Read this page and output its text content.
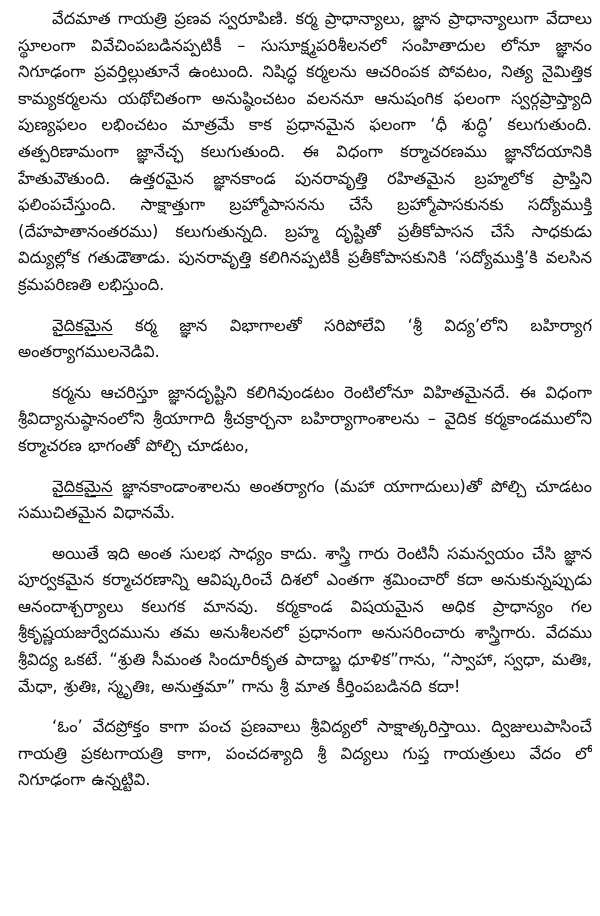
వేదమాత గాయత్రి ప్రణవ స్వరూపిణి. కర్మ ప్రాధాన్యాలు, జ్ఞాన ప్రాధాన్యాలుగా వేదాలు స్థూలంగా వివేచింపబడినప్పటికీ – సుసూక్ష్మపరిశీలనలో సంహితాదుల లోనూ జ్ఞానం నిగూఢంగా ప్రవర్తిల్లుతూనే ఉంటుంది. నిషిద్ధ కర్మలను ఆచరింపక పోవటం, నిత్య నైమిత్తిక కామ్యకర్మలను యథోచితంగా అనుష్ఠించటం వలననూ ఆనుషంగిక ఫలంగా స్వర్గప్రాప్త్యాది పుణ్యఫలం లభించటం మాత్రమే కాక ప్రధానమైన ఫలంగా ‘ధీ శుద్ధి’ కలుగుతుంది. తత్పరిణామంగా జ్ఞానేచ్ఛ కలుగుతుంది. ఈ విధంగా కర్మాచరణము జ్ఞానోదయానికి హేతువౌతుంది. ఉత్తరమైన జ్ఞానకాండ పునరావృత్తి రహితమైన బ్రహ్మలోక ప్రాప్తిని ఫలింపచేస్తుంది. సాక్షాత్తుగా బ్రహ్మోపాసనను చేసే బ్రహ్మోపాసకునకు సద్యోముక్తి (దేహపాతానంతరము) కలుగుతున్నది. బ్రహ్మ దృష్టితో ప్రతీకోపాసన చేసే సాధకుడు విద్యుల్లోక గతుడౌతాడు. పునరావృత్తి కలిగినప్పటికీ ప్రతీకోపాసకునికి ‘సద్యోముక్తి’కి వలసిన క్రమపరిణతి లభిస్తుంది.

వైదికమైన కర్మ జ్ఞాన విభాగాలతో సరిపోలేవి ‘శ్రీ విద్య’లోని బహిర్యాగ అంతర్యాగములనెడివి.

కర్మను ఆచరిస్తూ జ్ఞానదృష్టిని కలిగివుండటం రెంటిలోనూ విహితమైనదే. ఈ విధంగా శ్రీవిద్యానుష్ఠానంలోని శ్రీయాగాది శ్రీచక్రార్చనా బహిర్యాగాంశాలను – వైదిక కర్మకాండములోని కర్మాచరణ భాగంతో పోల్చి చూడటం,

వైదికమైన జ్ఞానకాండాంశాలను అంతర్యాగం (మహా యాగాదులు)తో పోల్చి చూడటం సముచితమైన విధానమే.

అయితే ఇది అంత సులభ సాధ్యం కాదు. శాస్త్రి గారు రెంటినీ సమన్వయం చేసి జ్ఞాన పూర్వకమైన కర్మాచరణాన్ని ఆవిష్కరించే దిశలో ఎంతగా శ్రమించారో కదా అనుకున్నప్పుడు ఆనందాశ్చర్యాలు కలుగక మానవు. కర్మకాండ విషయమైన అధిక ప్రాధాన్యం గల శ్రీకృష్ణయజుర్వేదమును తమ అనుశీలనలో ప్రధానంగా అనుసరించారు శాస్త్రిగారు. వేదము శ్రీవిద్య ఒకటే. “శ్రుతి సీమంత సిందూరీకృత పాదాబ్జ ధూళిక”గాను, “స్వాహా, స్వధా, మతిః, మేధా, శ్రుతిః, స్మృతిః, అనుత్తమా” గాను శ్రీ మాత కీర్తింపబడినది కదా!

‘ఓం’ వేదప్రోక్తం కాగా పంచ ప్రణవాలు శ్రీవిద్యలో సాక్షాత్కరిస్తాయి. ద్విజులుపాసించే గాయత్రి ప్రకటగాయత్రి కాగా, పంచదశ్యాది శ్రీ విద్యలు గుప్త గాయత్రులు వేదం లో నిగూఢంగా ఉన్నట్టివి.
